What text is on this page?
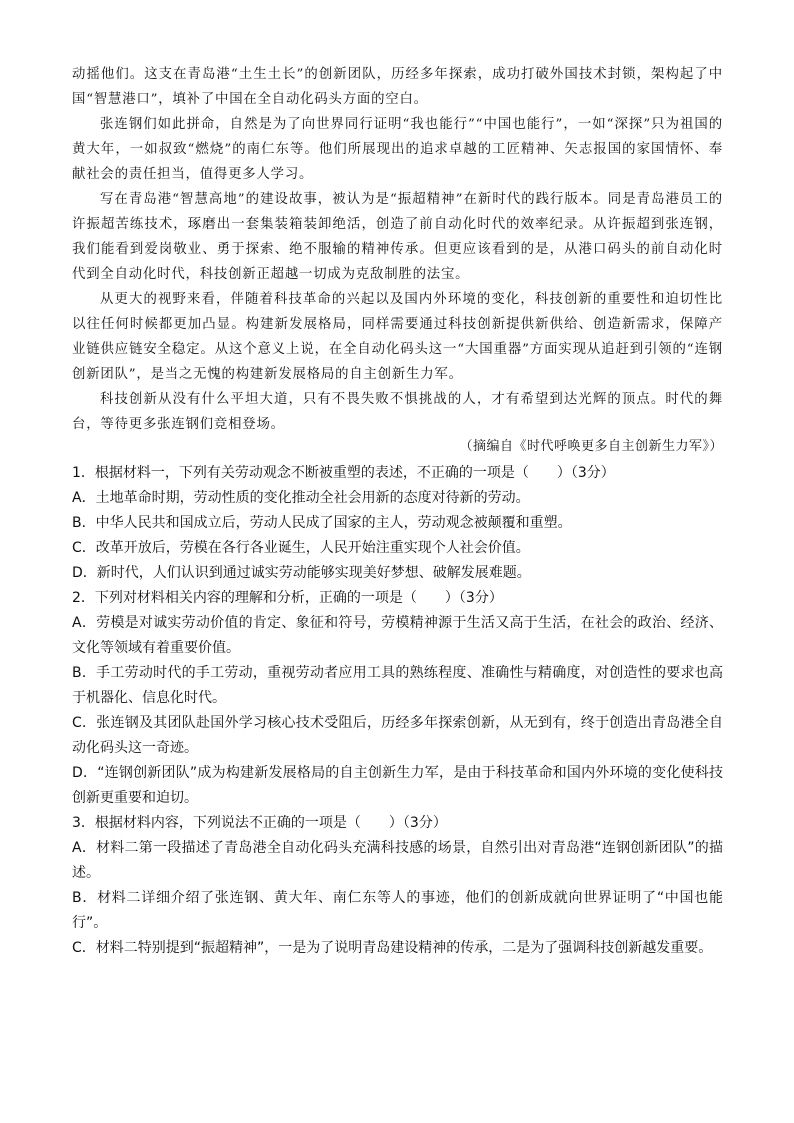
动摇他们。这支在青岛港“土生土长”的创新团队，历经多年探索，成功打破外国技术封锁，架构起了中国“智慧港口”，填补了中国在全自动化码头方面的空白。

张连钢们如此拼命，自然是为了向世界同行证明“我也能行”“中国也能行”，一如“深探”只为祖国的黄大年，一如叔致“燃烧”的南仁东等。他们所展现出的追求卓越的工匠精神、矢志报国的家国情怀、奉献社会的责任担当，值得更多人学习。

写在青岛港“智慧高地”的建设故事，被认为是“振超精神”在新时代的践行版本。同是青岛港员工的许振超苦练技术，琢磨出一套集装箱装卸绝活，创造了前自动化时代的效率纪录。从许振超到张连钢，我们能看到爱岗敬业、勇于探索、绝不服输的精神传承。但更应该看到的是，从港口码头的前自动化时代到全自动化时代，科技创新正超越一切成为克敌制胜的法宝。

从更大的视野来看，伴随着科技革命的兴起以及国内外环境的变化，科技创新的重要性和迫切性比以往任何时候都更加凸显。构建新发展格局，同样需要通过科技创新提供新供给、创造新需求，保障产业链供应链安全稳定。从这个意义上说，在全自动化码头这一“大国重器”方面实现从追赶到引领的“连钢创新团队”，是当之无愧的构建新发展格局的自主创新生力军。

科技创新从没有什么平坦大道，只有不畏失败不惧挑战的人，才有希望到达光辉的顶点。时代的舞台，等待更多张连钢们竞相登场。

（摘编自《时代呼唤更多自主创新生力军》）

1．根据材料一，下列有关劳动观念不断被重塑的表述，不正确的一项是（　　）（3分）

A．土地革命时期，劳动性质的变化推动全社会用新的态度对待新的劳动。

B．中华人民共和国成立后，劳动人民成了国家的主人，劳动观念被颠覆和重塑。

C．改革开放后，劳模在各行各业诞生，人民开始注重实现个人社会价值。

D．新时代，人们认识到通过诚实劳动能够实现美好梦想、破解发展难题。

2．下列对材料相关内容的理解和分析，正确的一项是（　　）（3分）

A．劳模是对诚实劳动价值的肯定、象征和符号，劳模精神源于生活又高于生活，在社会的政治、经济、文化等领域有着重要价值。

B．手工劳动时代的手工劳动，重视劳动者应用工具的熟练程度、准确性与精确度，对创造性的要求也高于机器化、信息化时代。

C．张连钢及其团队赴国外学习核心技术受阻后，历经多年探索创新，从无到有，终于创造出青岛港全自动化码头这一奇迹。

D．“连钢创新团队”成为构建新发展格局的自主创新生力军，是由于科技革命和国内外环境的变化使科技创新更重要和迫切。

3．根据材料内容，下列说法不正确的一项是（　　）（3分）

A．材料二第一段描述了青岛港全自动化码头充满科技感的场景，自然引出对青岛港“连钢创新团队”的描述。

B．材料二详细介绍了张连钢、黄大年、南仁东等人的事迹，他们的创新成就向世界证明了“中国也能行”。

C．材料二特别提到“振超精神”，一是为了说明青岛建设精神的传承，二是为了强调科技创新越发重要。
